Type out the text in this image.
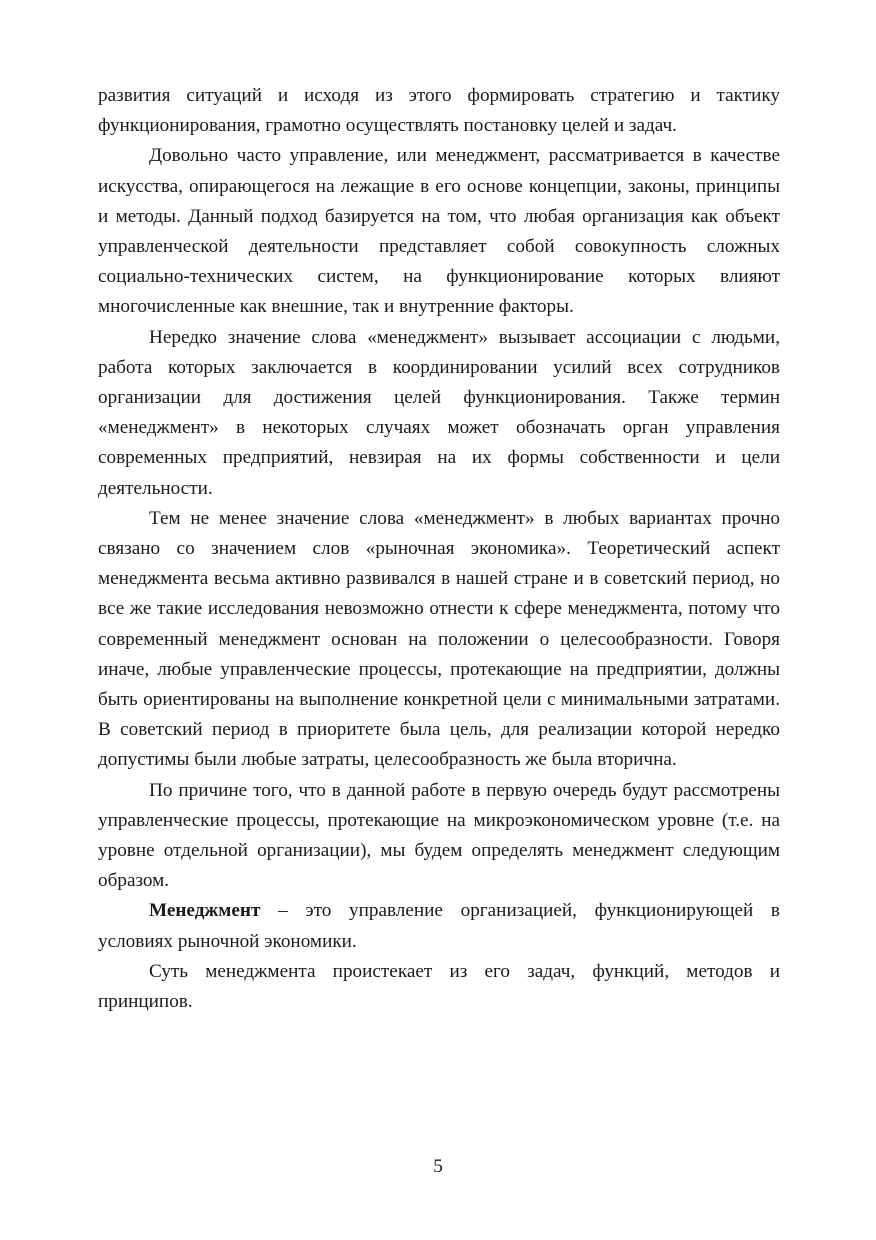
развития ситуаций и исходя из этого формировать стратегию и тактику функционирования, грамотно осуществлять постановку целей и задач.

Довольно часто управление, или менеджмент, рассматривается в качестве искусства, опирающегося на лежащие в его основе концепции, законы, принципы и методы. Данный подход базируется на том, что любая организация как объект управленческой деятельности представляет собой совокупность сложных социально-технических систем, на функционирование которых влияют многочисленные как внешние, так и внутренние факторы.

Нередко значение слова «менеджмент» вызывает ассоциации с людьми, работа которых заключается в координировании усилий всех сотрудников организации для достижения целей функционирования. Также термин «менеджмент» в некоторых случаях может обозначать орган управления современных предприятий, невзирая на их формы собственности и цели деятельности.

Тем не менее значение слова «менеджмент» в любых вариантах прочно связано со значением слов «рыночная экономика». Теоретический аспект менеджмента весьма активно развивался в нашей стране и в советский период, но все же такие исследования невозможно отнести к сфере менеджмента, потому что современный менеджмент основан на положении о целесообразности. Говоря иначе, любые управленческие процессы, протекающие на предприятии, должны быть ориентированы на выполнение конкретной цели с минимальными затратами. В советский период в приоритете была цель, для реализации которой нередко допустимы были любые затраты, целесообразность же была вторична.

По причине того, что в данной работе в первую очередь будут рассмотрены управленческие процессы, протекающие на микроэкономическом уровне (т.е. на уровне отдельной организации), мы будем определять менеджмент следующим образом.

Менеджмент – это управление организацией, функционирующей в условиях рыночной экономики.

Суть менеджмента проистекает из его задач, функций, методов и принципов.

5
